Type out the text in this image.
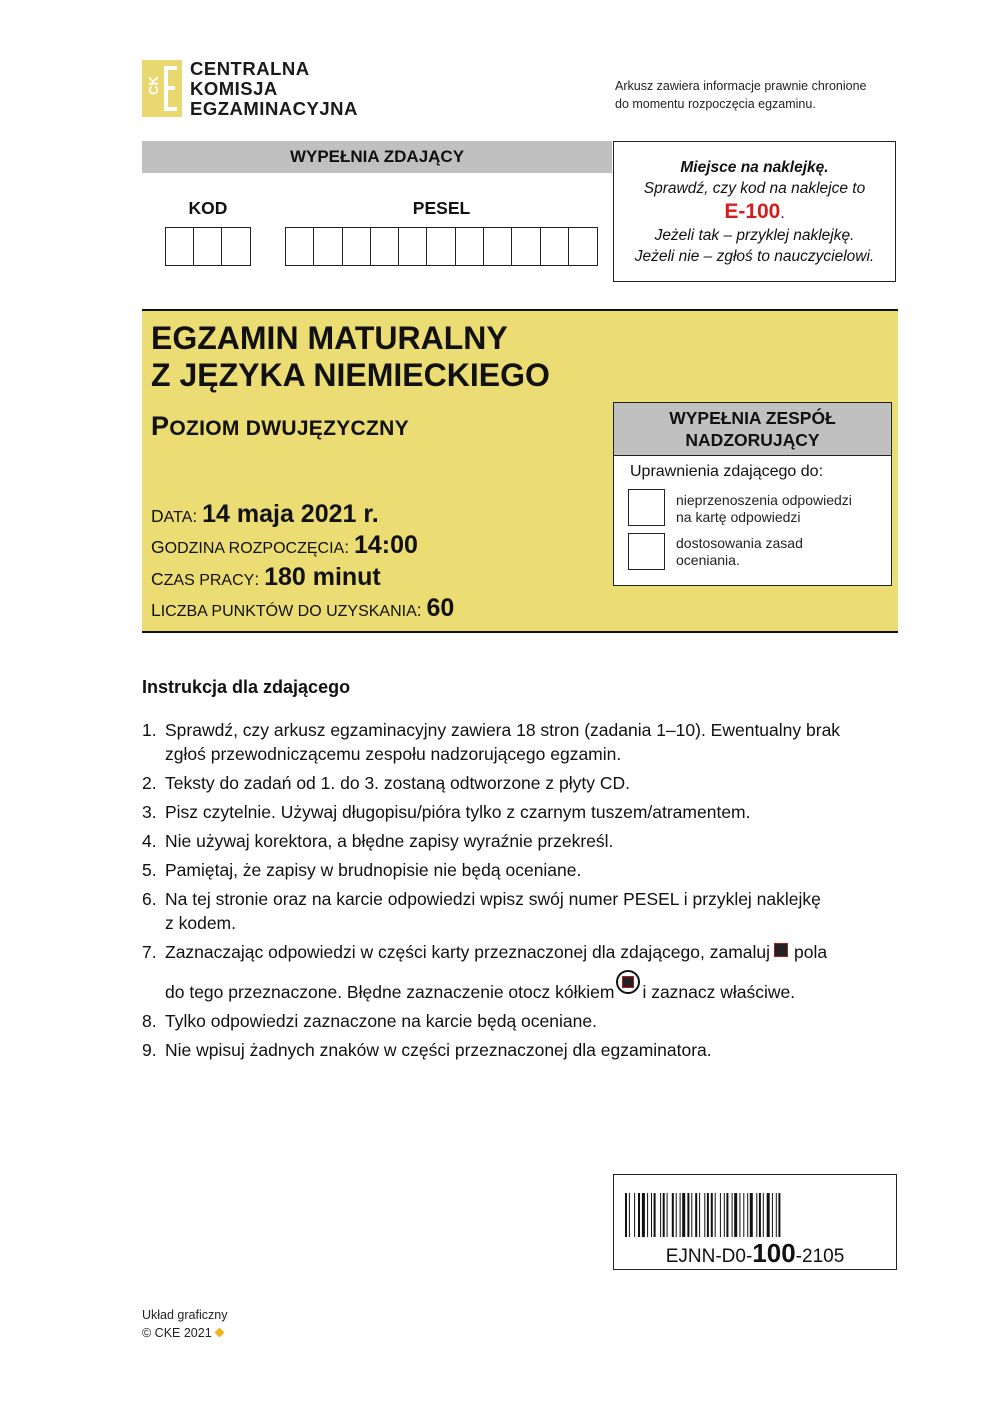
CK
CENTRALNA
KOMISJA
EGZAMINACYJNA
Arkusz zawiera informacje prawnie chronione
do momentu rozpoczęcia egzaminu.
WYPEŁNIA ZDAJĄCY
KOD	PESEL
Miejsce na naklejkę.
Sprawdź, czy kod na naklejce to
E-100.
Jeżeli tak – przyklej naklejkę.
Jeżeli nie – zgłoś to nauczycielowi.
EGZAMIN MATURALNY
Z JĘZYKA NIEMIECKIEGO
POZIOM DWUJĘZYCZNY
DATA: 14 maja 2021 r.
GODZINA ROZPOCZĘCIA: 14:00
CZAS PRACY: 180 minut
LICZBA PUNKTÓW DO UZYSKANIA: 60
WYPEŁNIA ZESPÓŁ
NADZORUJĄCY
Uprawnienia zdającego do:
nieprzenoszenia odpowiedzi
na kartę odpowiedzi
dostosowania zasad
oceniania.
Instrukcja dla zdającego
1. Sprawdź, czy arkusz egzaminacyjny zawiera 18 stron (zadania 1–10). Ewentualny brak
zgłoś przewodniczącemu zespołu nadzorującego egzamin.
2. Teksty do zadań od 1. do 3. zostaną odtworzone z płyty CD.
3. Pisz czytelnie. Używaj długopisu/pióra tylko z czarnym tuszem/atramentem.
4. Nie używaj korektora, a błędne zapisy wyraźnie przekreśl.
5. Pamiętaj, że zapisy w brudnopisie nie będą oceniane.
6. Na tej stronie oraz na karcie odpowiedzi wpisz swój numer PESEL i przyklej naklejkę
z kodem.
7. Zaznaczając odpowiedzi w części karty przeznaczonej dla zdającego, zamaluj pola
do tego przeznaczone. Błędne zaznaczenie otocz kółkiem i zaznacz właściwe.
8. Tylko odpowiedzi zaznaczone na karcie będą oceniane.
9. Nie wpisuj żadnych znaków w części przeznaczonej dla egzaminatora.
EJNN-D0-100-2105
Układ graficzny
© CKE 2021
